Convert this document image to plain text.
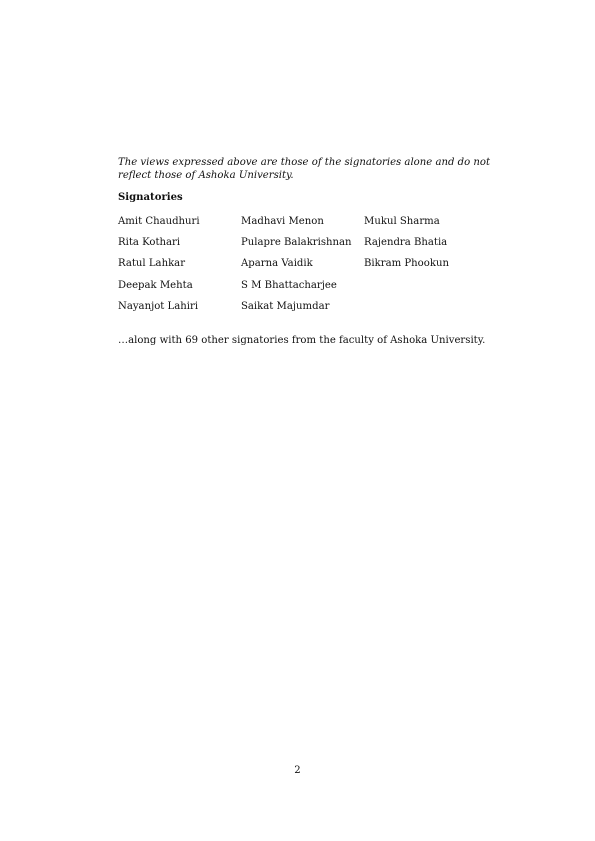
The views expressed above are those of the signatories alone and do not reflect those of Ashoka University.

Signatories

Amit Chaudhuri
Rita Kothari
Ratul Lahkar
Deepak Mehta
Nayanjot Lahiri
Madhavi Menon
Pulapre Balakrishnan
Aparna Vaidik
S M Bhattacharjee
Saikat Majumdar
Mukul Sharma
Rajendra Bhatia
Bikram Phookun

…along with 69 other signatories from the faculty of Ashoka University.

2
